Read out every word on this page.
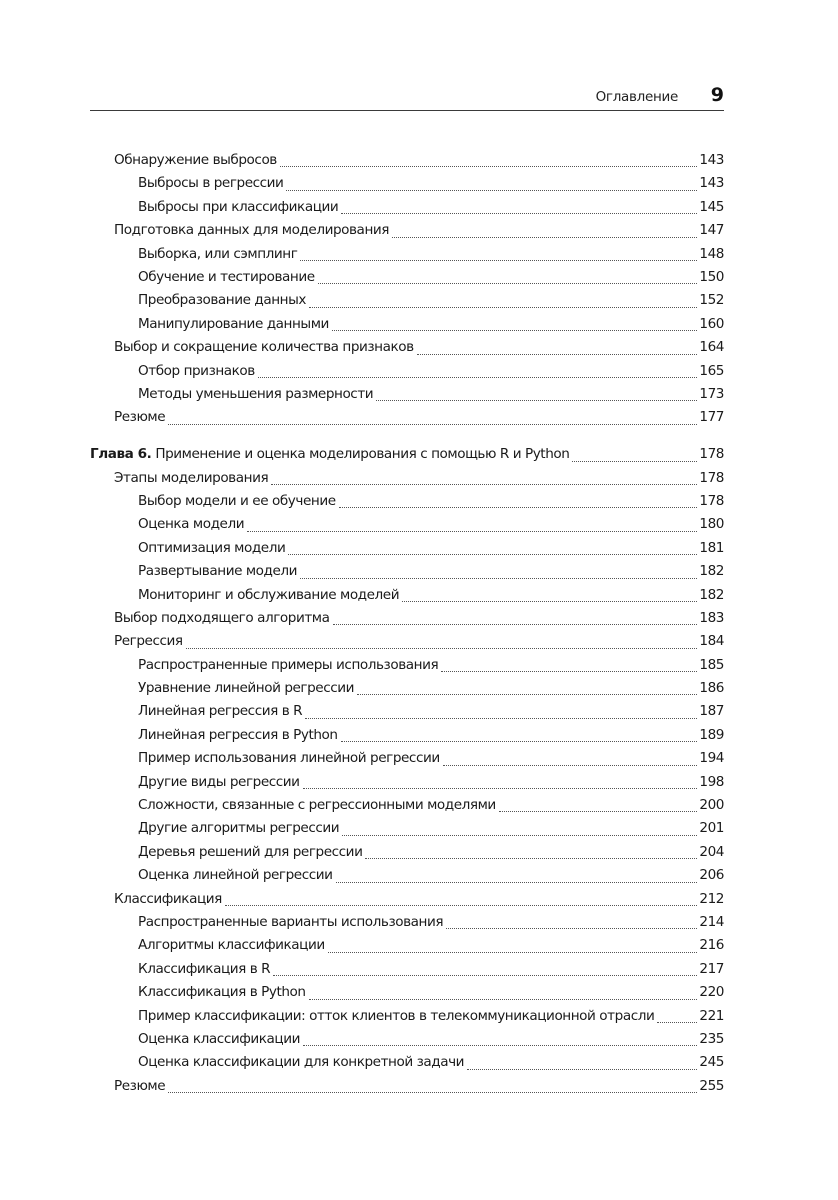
Оглавление 9
Обнаружение выбросов	143
Выбросы в регрессии	143
Выбросы при классификации	145
Подготовка данных для моделирования	147
Выборка, или сэмплинг	148
Обучение и тестирование	150
Преобразование данных	152
Манипулирование данными	160
Выбор и сокращение количества признаков	164
Отбор признаков	165
Методы уменьшения размерности	173
Резюме	177
Глава 6. Применение и оценка моделирования с помощью R и Python	178
Этапы моделирования	178
Выбор модели и ее обучение	178
Оценка модели	180
Оптимизация модели	181
Развертывание модели	182
Мониторинг и обслуживание моделей	182
Выбор подходящего алгоритма	183
Регрессия	184
Распространенные примеры использования	185
Уравнение линейной регрессии	186
Линейная регрессия в R	187
Линейная регрессия в Python	189
Пример использования линейной регрессии	194
Другие виды регрессии	198
Сложности, связанные с регрессионными моделями	200
Другие алгоритмы регрессии	201
Деревья решений для регрессии	204
Оценка линейной регрессии	206
Классификация	212
Распространенные варианты использования	214
Алгоритмы классификации	216
Классификация в R	217
Классификация в Python	220
Пример классификации: отток клиентов в телекоммуникационной отрасли	221
Оценка классификации	235
Оценка классификации для конкретной задачи	245
Резюме	255
